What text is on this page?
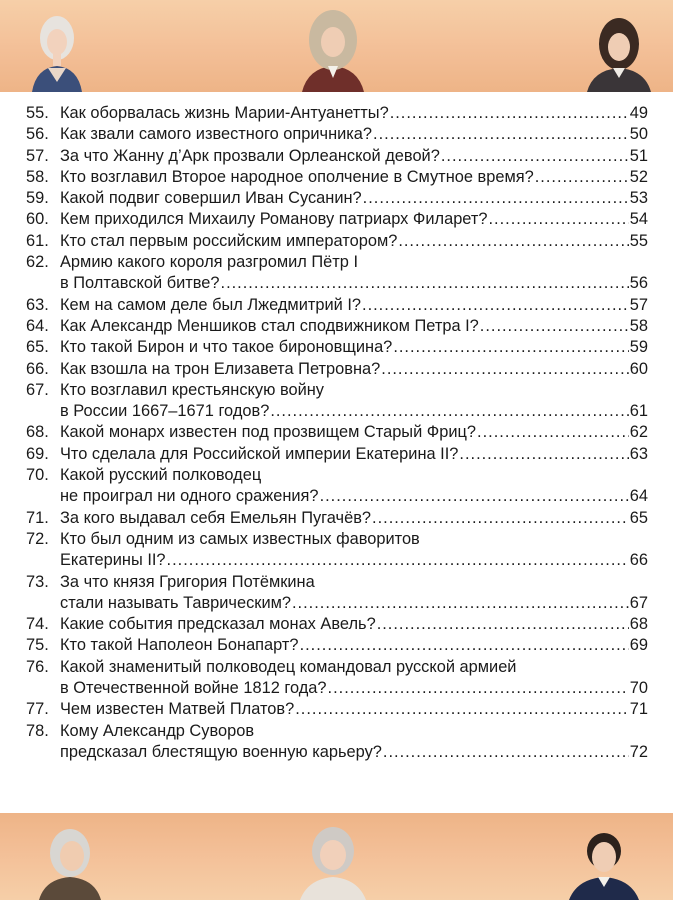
55. Как оборвалась жизнь Марии-Антуанетты? .....	49
56. Как звали самого известного опричника? .....	50
57. За что Жанну д’Арк прозвали Орлеанской девой? .....	51
58. Кто возглавил Второе народное ополчение в Смутное время? .....	52
59. Какой подвиг совершил Иван Сусанин? .....	53
60. Кем приходился Михаилу Романову патриарх Филарет? .....	54
61. Кто стал первым российским императором? .....	55
62. Армию какого короля разгромил Пётр I
в Полтавской битве? .....	56
63. Кем на самом деле был Лжедмитрий I? .....	57
64. Как Александр Меншиков стал сподвижником Петра I? .....	58
65. Кто такой Бирон и что такое бироновщина? .....	59
66. Как взошла на трон Елизавета Петровна? .....	60
67. Кто возглавил крестьянскую войну
в России 1667–1671 годов? .....	61
68. Какой монарх известен под прозвищем Старый Фриц? .....	62
69. Что сделала для Российской империи Екатерина II? .....	63
70. Какой русский полководец
не проиграл ни одного сражения? .....	64
71. За кого выдавал себя Емельян Пугачёв? .....	65
72. Кто был одним из самых известных фаворитов
Екатерины II? .....	66
73. За что князя Григория Потёмкина
стали называть Таврическим? .....	67
74. Какие события предсказал монах Авель? .....	68
75. Кто такой Наполеон Бонапарт? .....	69
76. Какой знаменитый полководец командовал русской армией
в Отечественной войне 1812 года? .....	70
77. Чем известен Матвей Платов? .....	71
78. Кому Александр Суворов
предсказал блестящую военную карьеру? .....	72
